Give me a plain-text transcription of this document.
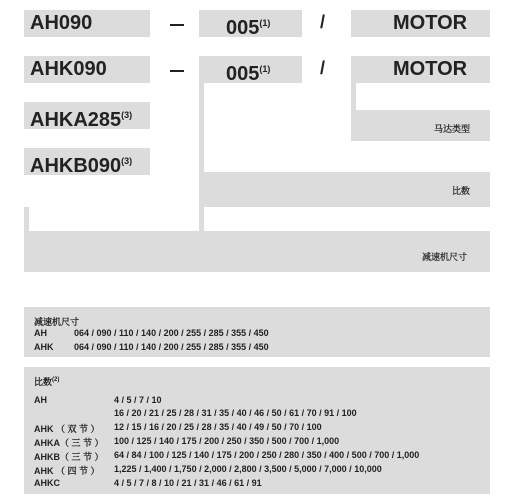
AH090	005$^{(1)}$	/	MOTOR
AHK090	005$^{(1)}$	/	MOTOR
AHKA285$^{(3)}$
AHKB090$^{(3)}$
马达类型
比数
减速机尺寸
减速机尺寸
AH	064 / 090 / 110 / 140 / 200 / 255 / 285 / 355 / 450
AHK 064 / 090 / 110 / 140 / 200 / 255 / 285 / 355 / 450
比数$^{(2)}$
AH	4 / 5 / 7 / 10
16 / 20 / 21 / 25 / 28 / 31 / 35 / 40 / 46 / 50 / 61 / 70 / 91 / 100
AHK （ 双 节 ） 12 / 15 / 16 / 20 / 25 / 28 / 35 / 40 / 49 / 50 / 70 / 100
AHKA（ 三 节 ） 100 / 125 / 140 / 175 / 200 / 250 / 350 / 500 / 700 / 1,000
AHKB（ 三 节 ） 64 / 84 / 100 / 125 / 140 / 175 / 200 / 250 / 280 / 350 / 400 / 500 / 700 / 1,000
AHK （ 四 节 ） 1,225 / 1,400 / 1,750 / 2,000 / 2,800 / 3,500 / 5,000 / 7,000 / 10,000
AHKC	4 / 5 / 7 / 8 / 10 / 21 / 31 / 46 / 61 / 91
